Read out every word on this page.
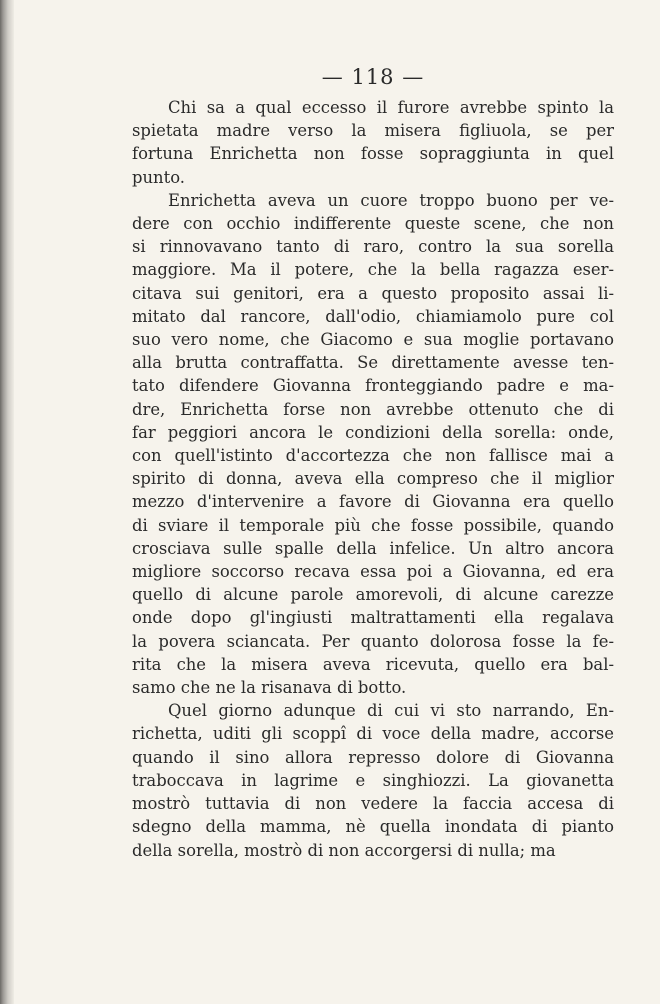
— 118 —
Chi sa a qual eccesso il furore avrebbe spinto la
spietata madre verso la misera figliuola, se per
fortuna Enrichetta non fosse sopraggiunta in quel
punto.
Enrichetta aveva un cuore troppo buono per ve-
dere con occhio indifferente queste scene, che non
si rinnovavano tanto di raro, contro la sua sorella
maggiore. Ma il potere, che la bella ragazza eser-
citava sui genitori, era a questo proposito assai li-
mitato dal rancore, dall'odio, chiamiamolo pure col
suo vero nome, che Giacomo e sua moglie portavano
alla brutta contraffatta. Se direttamente avesse ten-
tato difendere Giovanna fronteggiando padre e ma-
dre, Enrichetta forse non avrebbe ottenuto che di
far peggiori ancora le condizioni della sorella: onde,
con quell'istinto d'accortezza che non fallisce mai a
spirito di donna, aveva ella compreso che il miglior
mezzo d'intervenire a favore di Giovanna era quello
di sviare il temporale più che fosse possibile, quando
crosciava sulle spalle della infelice. Un altro ancora
migliore soccorso recava essa poi a Giovanna, ed era
quello di alcune parole amorevoli, di alcune carezze
onde dopo gl'ingiusti maltrattamenti ella regalava
la povera sciancata. Per quanto dolorosa fosse la fe-
rita che la misera aveva ricevuta, quello era bal-
samo che ne la risanava di botto.
Quel giorno adunque di cui vi sto narrando, En-
richetta, uditi gli scoppî di voce della madre, accorse
quando il sino allora represso dolore di Giovanna
traboccava in lagrime e singhiozzi. La giovanetta
mostrò tuttavia di non vedere la faccia accesa di
sdegno della mamma, nè quella inondata di pianto
della sorella, mostrò di non accorgersi di nulla; ma
